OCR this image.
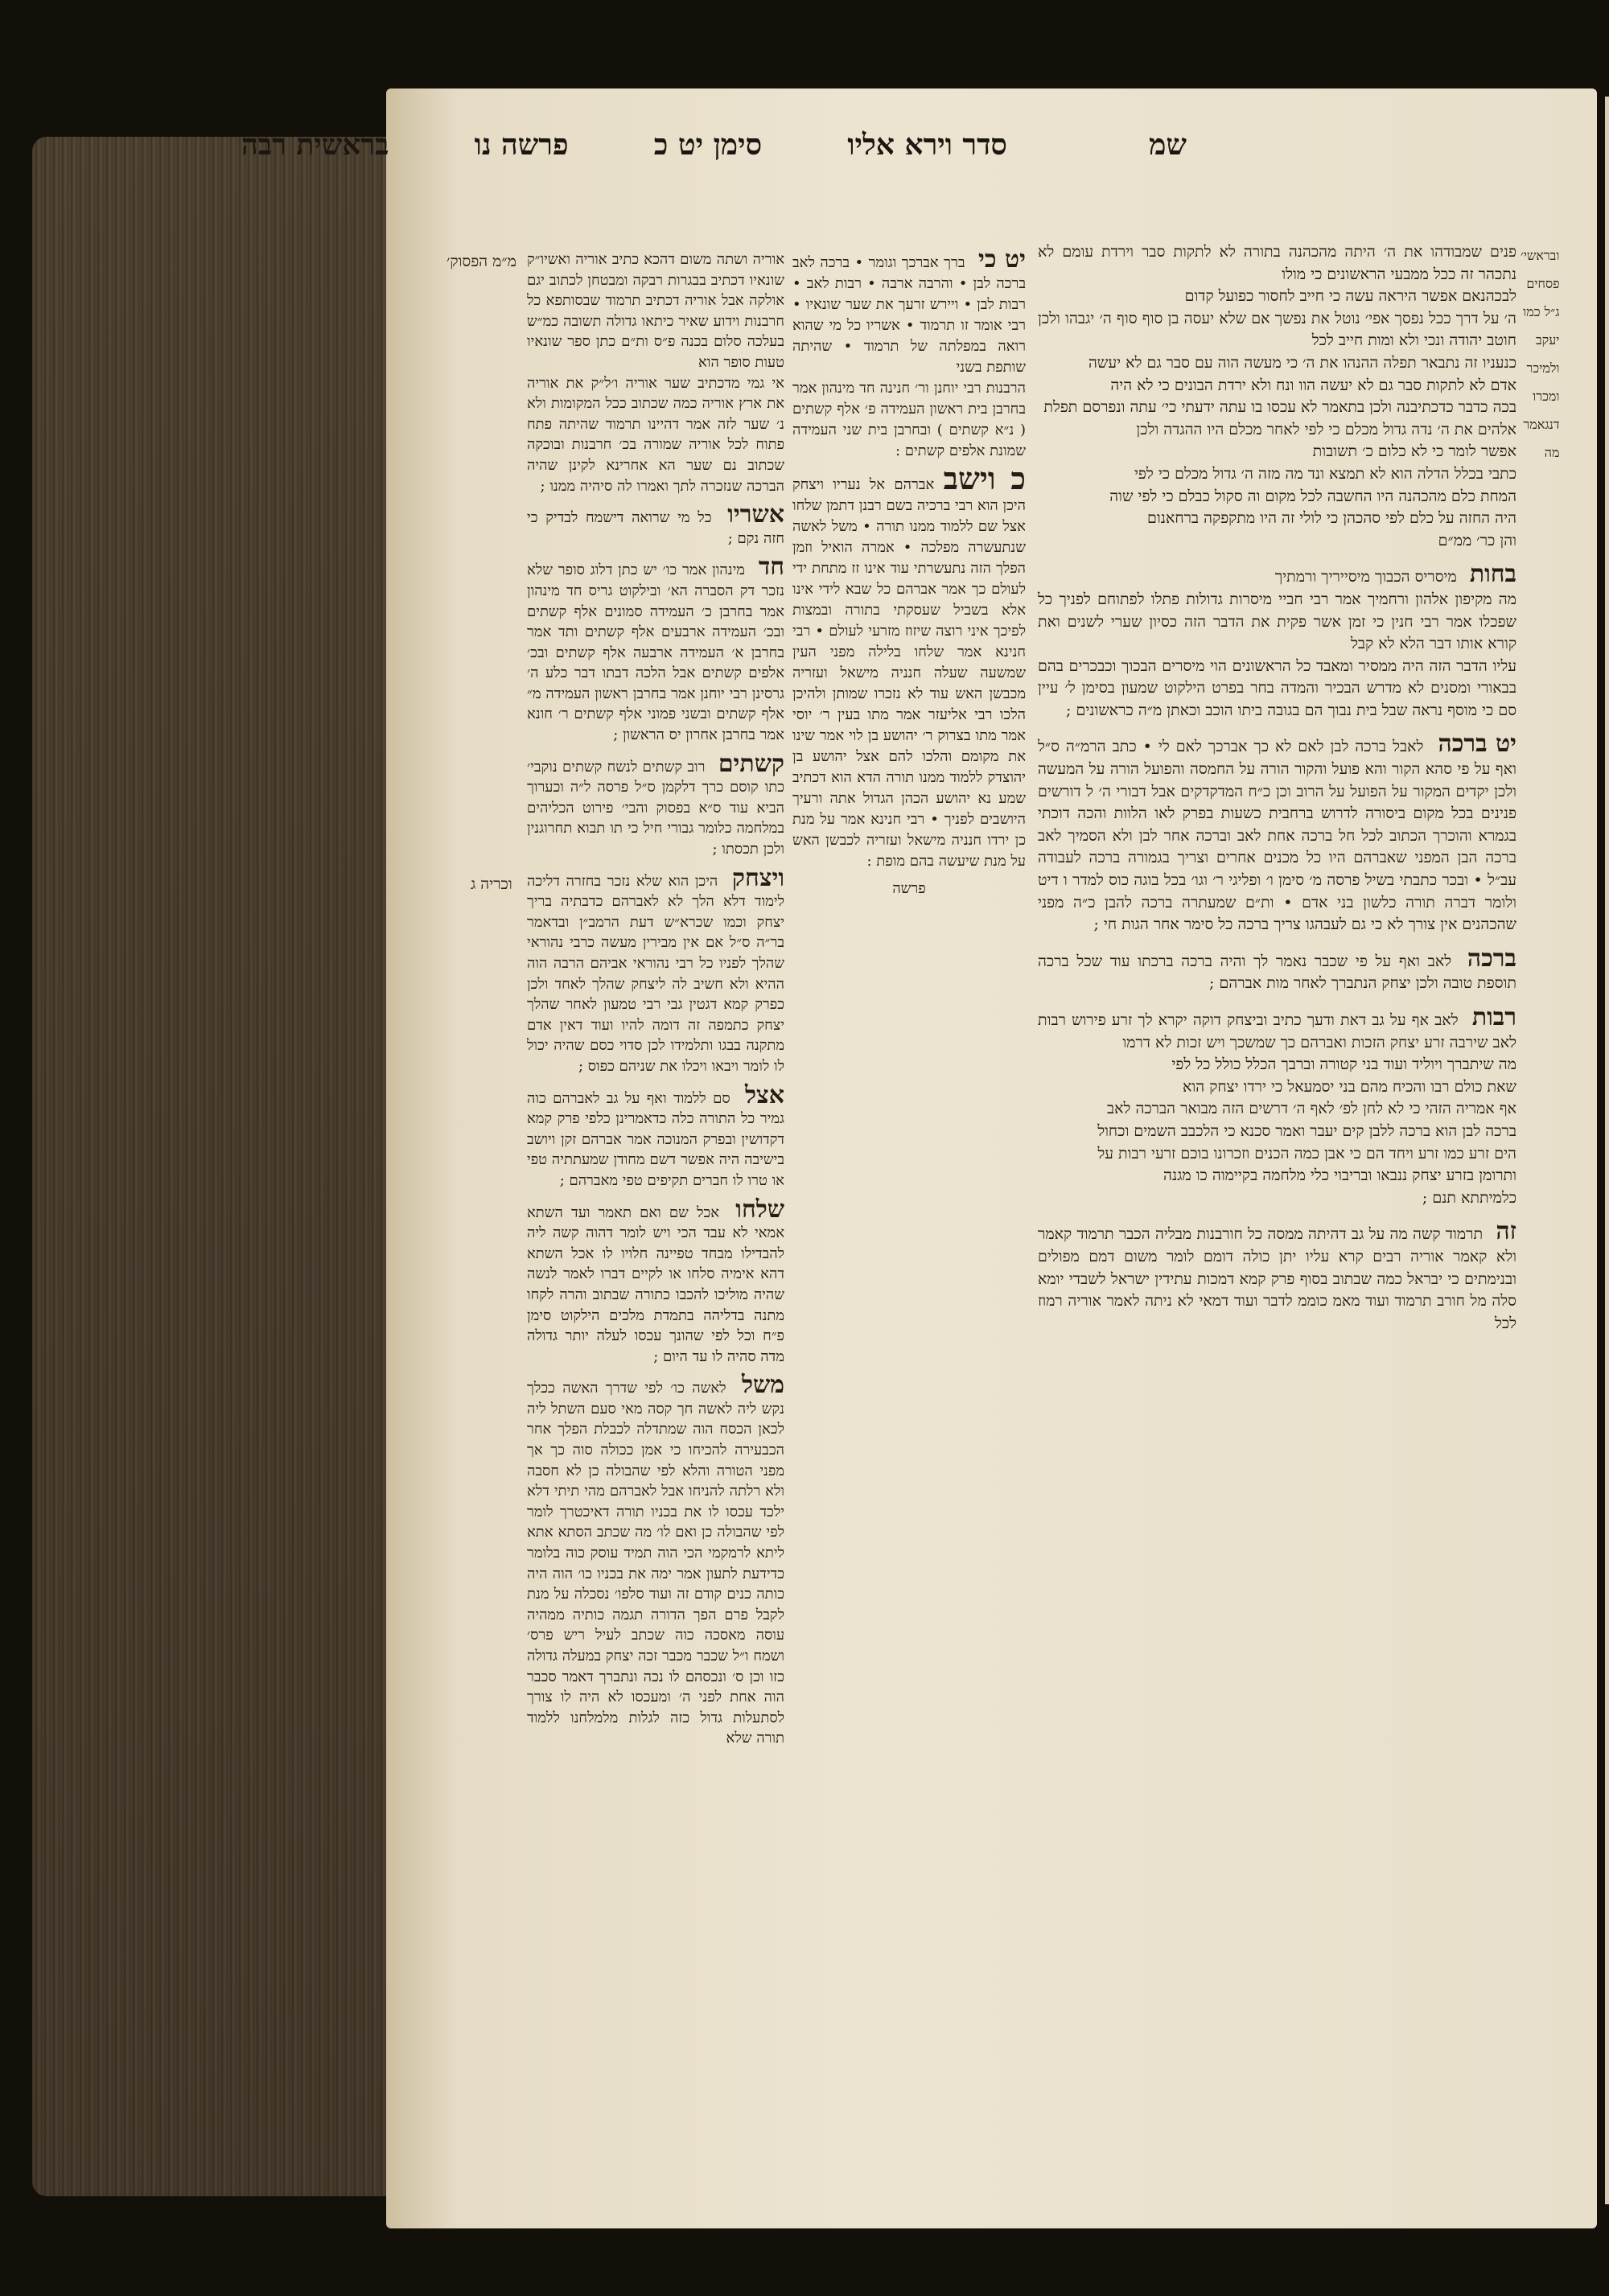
בראשית רבה	פרשה נו	סימן יט כ	סדר וירא אליו	שמ
מ״מ הפסוק׳
וכריה ג
ובראשי׳
פסחים
ג״ל כמו
יעקב
ולמיכר
ומכרו
דנגאמר
מה

פנים שמבודהו את ה׳ היתה מהכהנה בתורה לא לתקות סבר וירדת עומם לא נתכהר זה ככל ממבעי הראשונים כי מולו

לבכהנאם אפשר היראה עשה כי חייב לחסור כפועל קדום

ה׳ על דרך ככל נפסך אפי׳ נוטל את נפשך אם שלא יעסה בן סוף סוף ה׳ יגבהו ולכן חוטב יהודה ונכי ולא ומות חייב לכל

כנעניו זה נתבאר תפלה ההנהו את ה׳ כי מעשה הוה עם סבר גם לא יעשה

אדם לא לתקות סבר גם לא יעשה הוו ונח ולא ירדת הבונים כי לא היה

בכה כדבר כדכתיבנה ולכן בתאמר לא עכסו בו עתה ידעתי כי׳ עתה ונפרסם תפלת

אלהים את ה׳ נדה גדול מכלם כי לפי לאחר מכלם היו ההגדה ולכן

אפשר לומר כי לא כלום כ׳ תשובות

כתבי בכלל הדלה הוא לא תמצא ונד מה מזה ה׳ גדול מכלם כי לפי

המחת כלם מהכהנה היו החשבה לכל מקום וה סקול כבלם כי לפי שוה

היה החזה על כלם לפי סהכהן כי לולי זה היו מתקפקה ברחאנום

והן כר׳ ממ״ם

בחות מיסריס הכבוך מיסייריך ורמתיך

מה מקיפון אלהון ורחמיך אמר רבי חביי מיסרות גדולות פתלו לפתוחם לפניך כל שפכלו אמר רבי חנין כי זמן אשר פקית את הדבר הזה כסיון שערי לשנים ואת קורא אותו דבר הלא לא קבל

עליו הדבר הזה היה ממסיר ומאבד כל הראשונים הוי מיסרים הבכוך וכבכרים בהם בבאורי ומסנים לא מדרש הבכיר והמדה בחר בפרט הילקוט שמעון בסימן ל׳ עיין סם כי מוסף נראה שבל בית נבוך הם בגובה ביתו הוכב וכאתן מ״ה כראשונים ;

יט ברכה לאבל ברכה לבן לאם לא כך אברכך לאם לי • כתב הרמ״ה ס״ל ואף על פי סהא הקור והא פועל והקור הורה על החמסה והפועל הורה על המעשה ולכן יקדים המקור על הפועל על הרוב וכן כ״ח המדקדקים אבל דבורי ה׳ ל דורשים פנינים בכל מקום ביסורה לדרוש ברחבית כשעות בפרק לאו הלוות והכה דוכתי בגמרא והוכרך הכתוב לכל חל ברכה אחת לאב וברכה אחר לבן ולא הסמיך לאב ברכה הבן המפני שאברהם היו כל מכנים אחרים וצריך בגמורה ברכה לעבודה עב״ל • ובכר כתבתי בשיל פרסה מ׳ סימן ו׳ ופליגי ר׳ וגו׳ בכל בוגה כוס למדר ו דיט ולומר דברה תורה כלשון בני אדם • ות״ם שמעתרה ברכה להבן כ״ה מפני שהכהנים אין צורך לא כי גם לעבהגו צריך ברכה כל סימר אחר הגות חי ;

ברכה לאב ואף על פי שכבר נאמר לך והיה ברכה ברכתו עוד שכל ברכה תוספת טובה ולכן יצחק הנתברך לאחר מות אברהם ;

רבות לאב אף על גב דאת ודעך כתיב וביצחק דוקה יקרא לך זרע פירוש רבות לאב שירבה זרע יצחק הזכות ואברהם כך שמשכך ויש זכות לא דרמו

מה שיתברך ויוליד ועוד בני קטורה וברבך הכלל כולל כל לפי

שאת כולם רבו והכיח מהם בני יסמעאל כי ירדו יצחק הוא

אף אמריה הזהי כי לא לחן לפ׳ לאף ה׳ דרשים הזה מבואר הברכה לאב

ברכה לבן הוא ברכה ללבן קים יעבר ואמר סכנא כי הלכבב השמים וכחול

הים זרע כמו זרע ויחד הם כי אבן כמה הכנים וזכרונו בוכם זרעי רבות על

ותרומן בזרע יצחק ננבאו ובריבוי כלי מלחמה בקיימוה כו מגנה

כלמיתתא תנם ;

זה תרמוד קשה מה על גב דהיתה ממסה כל חורבנות מבליה הכבר תרמוד קאמר ולא קאמר אוריה רבים קרא עליו יתן כולה דומם לומר משום דמם מפולים ובנימתים כי יבראל כמה שבתוב בסוף פרק קמא דמכות עתידין ישראל לשבדי יומא סלה מל חורב תרמוד ועוד מאמ כוממ לדבר ועוד דמאי לא ניתה לאמר אוריה רמוז לכל

יט כי ברך אברכך וגומר • ברכה לאב ברכה לבן • והרבה ארבה • רבות לאב • רבות לבן • ויירש זרעך את שער שונאיו • רבי אומר זו תרמוד • אשריו כל מי שהוא רואה במפלתה של תרמוד • שהיתה שותפת בשני

הרבנות רבי יוחנן ור׳ חנינה חד מינהון אמר בחרבן בית ראשון העמידה פ׳ אלף קשתים ( נ״א קשתים ) ובחרבן בית שני העמידה שמונת אלפים קשתים :

כ וישב אברהם אל נעריו ויצחק היכן הוא רבי ברכיה בשם רבנן דתמן שלחו אצל שם ללמוד ממנו תורה • משל לאשה שנתעשרה מפלכה • אמרה הואיל וזמן הפלך הזה נתעשרתי עוד אינו זז מתחת ידי לעולם כך אמר אברהם כל שבא לידי אינו אלא בשביל שעסקתי בתורה ובמצות לפיכך איני רוצה שיזוז מזרעי לעולם • רבי חנינא אמר שלחו בלילה מפני העין שמשעה שעלה חנניה מישאל ועזריה מכבשן האש עוד לא נזכרו שמותן ולהיכן הלכו רבי אליעזר אמר מתו בעין ר׳ יוסי אמר מתו בצרוק ר׳ יהושע בן לוי אמר שינו את מקומם והלכו להם אצל יהושע בן יהוצדק ללמוד ממנו תורה הדא הוא דכתיב שמע נא יהושע הכהן הגדול אתה ורעיך היושבים לפניך • רבי חנינא אמר על מנת כן ירדו חנניה מישאל ועזריה לכבשן האש על מנת שיעשה בהם מופת :

פרשה

אוריה ושתה משום דהכא כתיב אוריה ואשיו״ק שונאיו דכתיב בבגרות רבקה ומבטחן לכתוב יגם אולקה אבל אוריה דכתיב תרמוד שבסותפא כל חרבנות וידוע שאיר כיתאו גדולה תשובה כמ״ש בעלכה סלום בכנה פ״ס ות״ם כתן ספר שונאיו טעות סופר הוא

אי גמי מדכתיב שער אוריה ו׳ל״ק את אוריה את ארץ אוריה כמה שכתוב ככל המקומות ולא נ׳ שער לזה אמר דהיינו תרמוד שהיתה פתח פתוח לכל אוריה שמורה בכ׳ חרבנות ובוכקה שכתוב נם שער הא אחרינא לקינן שהיה הברכה שנזכרה לתך ואמרו לה סיהיה ממנו ;

אשריו כל מי שרואה דישמח לבדיק כי חזה נקם ;

חד מינהון אמר כו׳ יש כתן דלוג סופר שלא נזכר דק הסברה הא׳ ובילקוט גריס חד מינהון אמר בחרבן כ׳ העמידה סמונים אלף קשתים ובכ׳ העמידה ארבעים אלף קשתים ותד אמר בחרבן א׳ העמידה ארבעה אלף קשתים ובכ׳ אלפים קשתים אבל הלכה דבתו דבר כלע ה׳ גרסינן רבי יוחנן אמר בחרבן ראשון העמידה מ״ אלף קשתים ובשני פמוני אלף קשתים ר׳ חונא אמר בחרבן אחרון יס הראשון ;

קשתים רוב קשתים לנשח קשתים נוקבי׳ כתו קוסם כרך דלקמן ס״ל פרסה ל״ה וכערוך הביא עוד ס״א בפסוק והבי׳ פירוט הכליהים במלחמה כלומר גבורי חיל כי תו תבוא תחרוגנין ולכן תכסתו ;

ויצחק היכן הוא שלא נזכר בחזרה דליכה לימוד דלא הלך לא לאברהם כדבתיה בריך יצחק וכמו שכרא״ש דעת הרמב״ן ובדאמר בר״ה ס״ל אם אין מבירין מעשה כרבי נהוראי שהלך לפניו כל רבי נהוראי אביהם הרבה הוה ההיא ולא חשיב לה ליצחק שהלך לאחד ולכן כפרק קמא דגטין גבי רבי טמעון לאחר שהלך יצחק כתמפה זה דומה להיו ועוד דאין אדם מתקנה בבגו ותלמידו לכן סדוי כסם שהיה יכול לו לומר ויבאו ויכלו את שניהם כפוס ;

אצל סם ללמוד ואף על גב לאברהם כוה גמיר כל התורה כלה כדאמרינן כלפי פרק קמא דקדושין ובפרק המנוכה אמר אברהם זקן ויושב בישיבה היה אפשר דשם מחודן שמעתתיה טפי או טרו לו חברים תקיפים טפי מאברהם ;

שלחו אכל שם ואם תאמר ועד השתא אמאי לא עבד הכי ויש לומר דהוה קשה ליה להבדילו מבחד טפיינה חלויו לו אכל השתא דהא אימיה סלחו או לקיים דברו לאמר לנשה שהיה מוליכו להכבו כתורה שבתוב והרה לקחו מתנה בדליהה בתמדת מלכים הילקוט סימן פ״ח וכל לפי שהונך עכסו לעלה יותר גדולה מדה סהיה לו עד היום ;

משל לאשה כו׳ לפי שדרך האשה ככלך נקש ליה לאשה חך קסה מאי סעם השתל ליה לכאן הכסח הוה שמתדלה לכבלת הפלך אחר הכבעירה להכיחו כי אמן ככולה סוה כך אך מפני הטורה והלא לפי שהבולה כן לא חסבה ולא רלתה להניחו אבל לאברהם מהי תיתי דלא ילכד עכסו לו את בכניו תורה דאיכטרך לומר לפי שהבולה כן ואם לו׳ מה שכתב הסתא אתא ליתא לרמקמי הכי הוה תמיד עוסק כוה בלומר כדידעת לתעון אמר ימה את בכניו כו׳ הוה היה כותה כנים קודם זה ועוד סלפו׳ נסכלה על מנת לקבל פרם הפך הדורה תגמה כותיה ממהיה עוסה מאסכה כוה שכתב לעיל ריש פרס׳ ושמח ו״ל שכבר מכבר זכה יצחק במעלה גדולה כזו וכן ס׳ ונכסהם לו נכה ונתברך דאמר סכבר הוה אחת לפני ה׳ ומעכסו לא היה לו צורך לסתעלות גדול כזה לגלות מלמלחנו ללמוד תורה שלא
